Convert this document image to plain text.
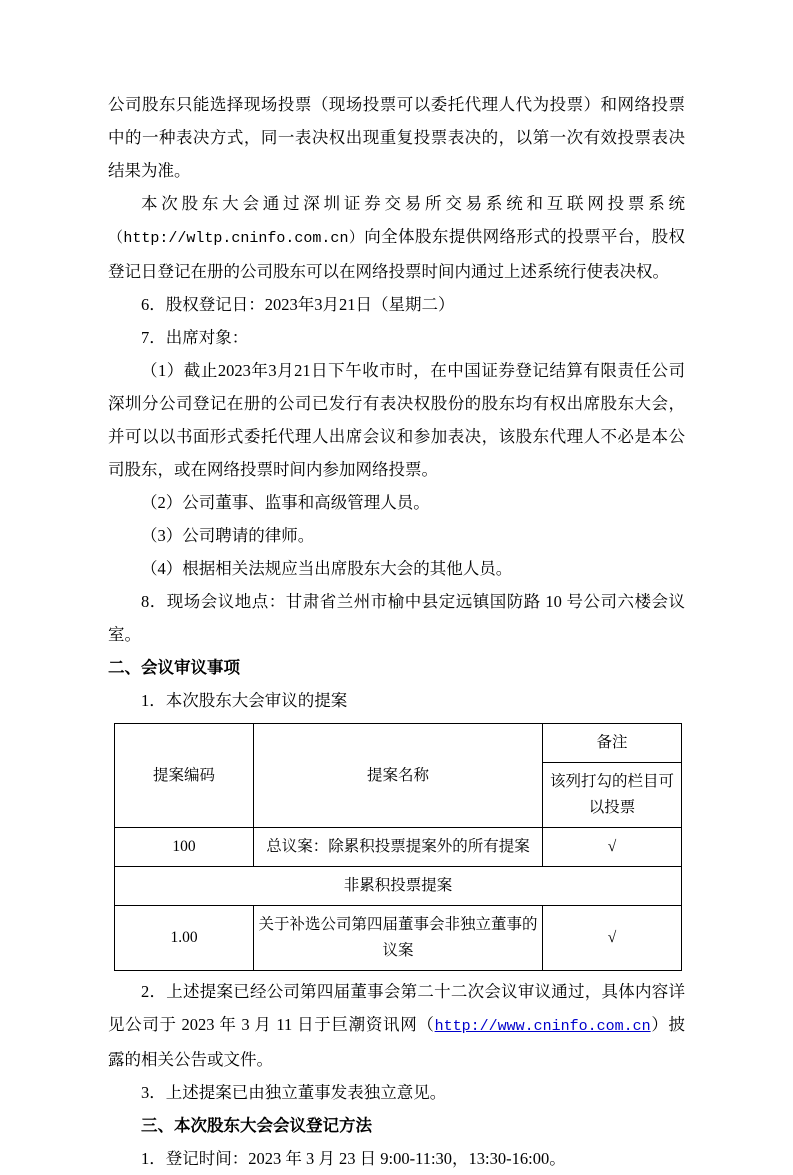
公司股东只能选择现场投票（现场投票可以委托代理人代为投票）和网络投票中的一种表决方式，同一表决权出现重复投票表决的，以第一次有效投票表决结果为准。

本次股东大会通过深圳证券交易所交易系统和互联网投票系统

（http://wltp.cninfo.com.cn）向全体股东提供网络形式的投票平台，股权登记日登记在册的公司股东可以在网络投票时间内通过上述系统行使表决权。

6．股权登记日：2023年3月21日（星期二）

7．出席对象：

（1）截止2023年3月21日下午收市时，在中国证券登记结算有限责任公司深圳分公司登记在册的公司已发行有表决权股份的股东均有权出席股东大会，并可以以书面形式委托代理人出席会议和参加表决，该股东代理人不必是本公司股东，或在网络投票时间内参加网络投票。

（2）公司董事、监事和高级管理人员。

（3）公司聘请的律师。

（4）根据相关法规应当出席股东大会的其他人员。

8．现场会议地点：甘肃省兰州市榆中县定远镇国防路 10 号公司六楼会议室。

二、会议审议事项

1．本次股东大会审议的提案

提案编码	提案名称	备注
		该列打勾的栏目可以投票
100	总议案：除累积投票提案外的所有提案	√
非累积投票提案		
1.00	关于补选公司第四届董事会非独立董事的议案	√

2．上述提案已经公司第四届董事会第二十二次会议审议通过，具体内容详见公司于 2023 年 3 月 11 日于巨潮资讯网（http://www.cninfo.com.cn）披露的相关公告或文件。

3．上述提案已由独立董事发表独立意见。

三、本次股东大会会议登记方法

1．登记时间：2023 年 3 月 23 日 9:00-11:30，13:30-16:00。
